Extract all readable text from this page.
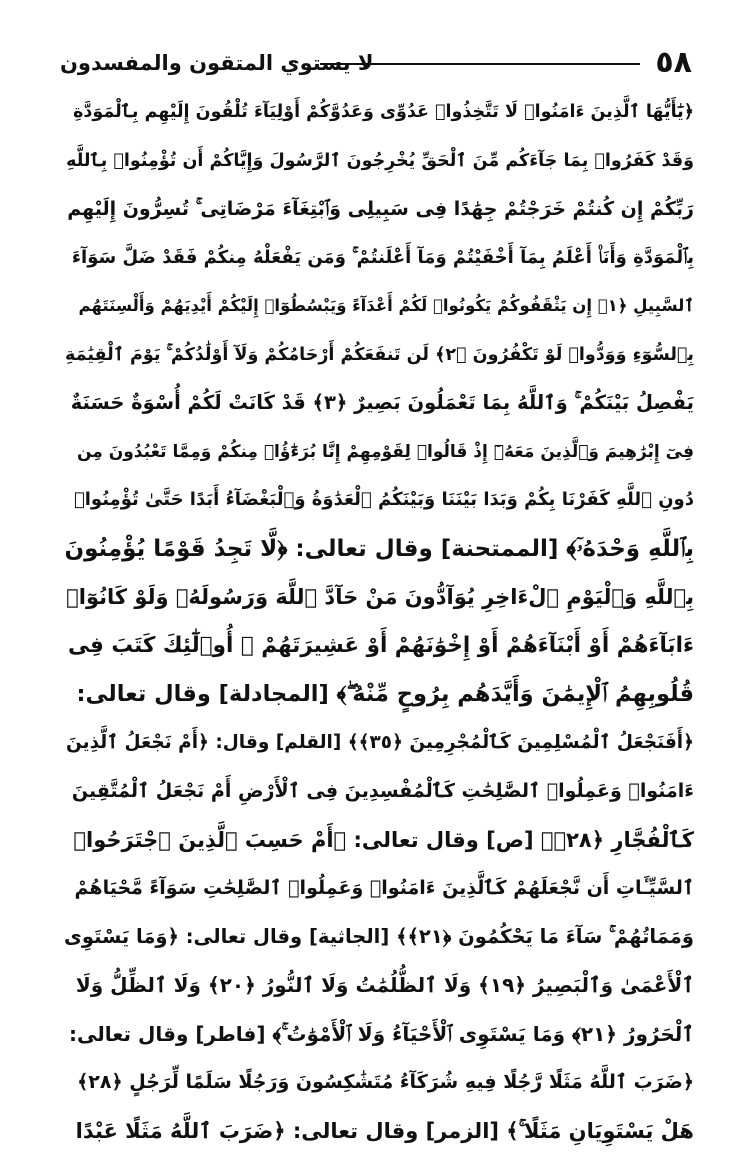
٥٨
لا يستوي المتقون والمفسدون
﴿يَٰٓأَيُّهَا ٱلَّذِينَ ءَامَنُوا۟ لَا تَتَّخِذُوا۟ عَدُوِّى وَعَدُوَّكُمْ أَوْلِيَآءَ تُلْقُونَ إِلَيْهِم بِٱلْمَوَدَّةِ
وَقَدْ كَفَرُوا۟ بِمَا جَآءَكُم مِّنَ ٱلْحَقِّ يُخْرِجُونَ ٱلرَّسُولَ وَإِيَّاكُمْ أَن تُؤْمِنُوا۟ بِٱللَّهِ
رَبِّكُمْ إِن كُنتُمْ خَرَجْتُمْ جِهَٰدًا فِى سَبِيلِى وَٱبْتِغَآءَ مَرْضَاتِى ۚ تُسِرُّونَ إِلَيْهِم
بِٱلْمَوَدَّةِ وَأَنَا۠ أَعْلَمُ بِمَآ أَخْفَيْتُمْ وَمَآ أَعْلَنتُمْ ۚ وَمَن يَفْعَلْهُ مِنكُمْ فَقَدْ ضَلَّ سَوَآءَ
ٱلسَّبِيلِ ﴿١﴾ إِن يَثْقَفُوكُمْ يَكُونُوا۟ لَكُمْ أَعْدَآءً وَيَبْسُطُوٓا۟ إِلَيْكُمْ أَيْدِيَهُمْ وَأَلْسِنَتَهُم
بِٱلسُّوٓءِ وَوَدُّوا۟ لَوْ تَكْفُرُونَ ﴿٢﴾ لَن تَنفَعَكُمْ أَرْحَامُكُمْ وَلَآ أَوْلَٰدُكُمْ ۚ يَوْمَ ٱلْقِيَٰمَةِ
يَفْصِلُ بَيْنَكُمْ ۚ وَٱللَّهُ بِمَا تَعْمَلُونَ بَصِيرٌ ﴿٣﴾ قَدْ كَانَتْ لَكُمْ أُسْوَةٌ حَسَنَةٌ
فِىٓ إِبْرَٰهِيمَ وَٱلَّذِينَ مَعَهُۥٓ إِذْ قَالُوا۟ لِقَوْمِهِمْ إِنَّا بُرَءَٰٓؤُا۟ مِنكُمْ وَمِمَّا تَعْبُدُونَ مِن
دُونِ ٱللَّهِ كَفَرْنَا بِكُمْ وَبَدَا بَيْنَنَا وَبَيْنَكُمُ ٱلْعَدَٰوَةُ وَٱلْبَغْضَآءُ أَبَدًا حَتَّىٰ تُؤْمِنُوا۟
بِٱللَّهِ وَحْدَهُۥٓ﴾ [الممتحنة] وقال تعالى: ﴿لَّا تَجِدُ قَوْمًا يُؤْمِنُونَ
بِٱللَّهِ وَٱلْيَوْمِ ٱلْءَاخِرِ يُوَآدُّونَ مَنْ حَآدَّ ٱللَّهَ وَرَسُولَهُۥ وَلَوْ كَانُوٓا۟
ءَابَآءَهُمْ أَوْ أَبْنَآءَهُمْ أَوْ إِخْوَٰنَهُمْ أَوْ عَشِيرَتَهُمْ ۚ أُو۟لَٰٓئِكَ كَتَبَ فِى
قُلُوبِهِمُ ٱلْإِيمَٰنَ وَأَيَّدَهُم بِرُوحٍ مِّنْهُ ۖ﴾ [المجادلة] وقال تعالى:
﴿أَفَنَجْعَلُ ٱلْمُسْلِمِينَ كَٱلْمُجْرِمِينَ ﴿٣٥﴾﴾ [القلم] وقال: ﴿أَمْ نَجْعَلُ ٱلَّذِينَ
ءَامَنُوا۟ وَعَمِلُوا۟ ٱلصَّٰلِحَٰتِ كَٱلْمُفْسِدِينَ فِى ٱلْأَرْضِ أَمْ نَجْعَلُ ٱلْمُتَّقِينَ
كَٱلْفُجَّارِ ﴿٢٨﴾﴾ [ص] وقال تعالى: ﴿أَمْ حَسِبَ ٱلَّذِينَ ٱجْتَرَحُوا۟
ٱلسَّيِّـَٔاتِ أَن نَّجْعَلَهُمْ كَٱلَّذِينَ ءَامَنُوا۟ وَعَمِلُوا۟ ٱلصَّٰلِحَٰتِ سَوَآءً مَّحْيَاهُمْ
وَمَمَاتُهُمْ ۚ سَآءَ مَا يَحْكُمُونَ ﴿٢١﴾﴾ [الجاثية] وقال تعالى: ﴿وَمَا يَسْتَوِى
ٱلْأَعْمَىٰ وَٱلْبَصِيرُ ﴿١٩﴾ وَلَا ٱلظُّلُمَٰتُ وَلَا ٱلنُّورُ ﴿٢٠﴾ وَلَا ٱلظِّلُّ وَلَا
ٱلْحَرُورُ ﴿٢١﴾ وَمَا يَسْتَوِى ٱلْأَحْيَآءُ وَلَا ٱلْأَمْوَٰتُ ۚ﴾ [فاطر] وقال تعالى:
﴿ضَرَبَ ٱللَّهُ مَثَلًا رَّجُلًا فِيهِ شُرَكَآءُ مُتَشَٰكِسُونَ وَرَجُلًا سَلَمًا لِّرَجُلٍ ﴿٢٨﴾
هَلْ يَسْتَوِيَانِ مَثَلًا ۚ﴾ [الزمر] وقال تعالى: ﴿ضَرَبَ ٱللَّهُ مَثَلًا عَبْدًا
